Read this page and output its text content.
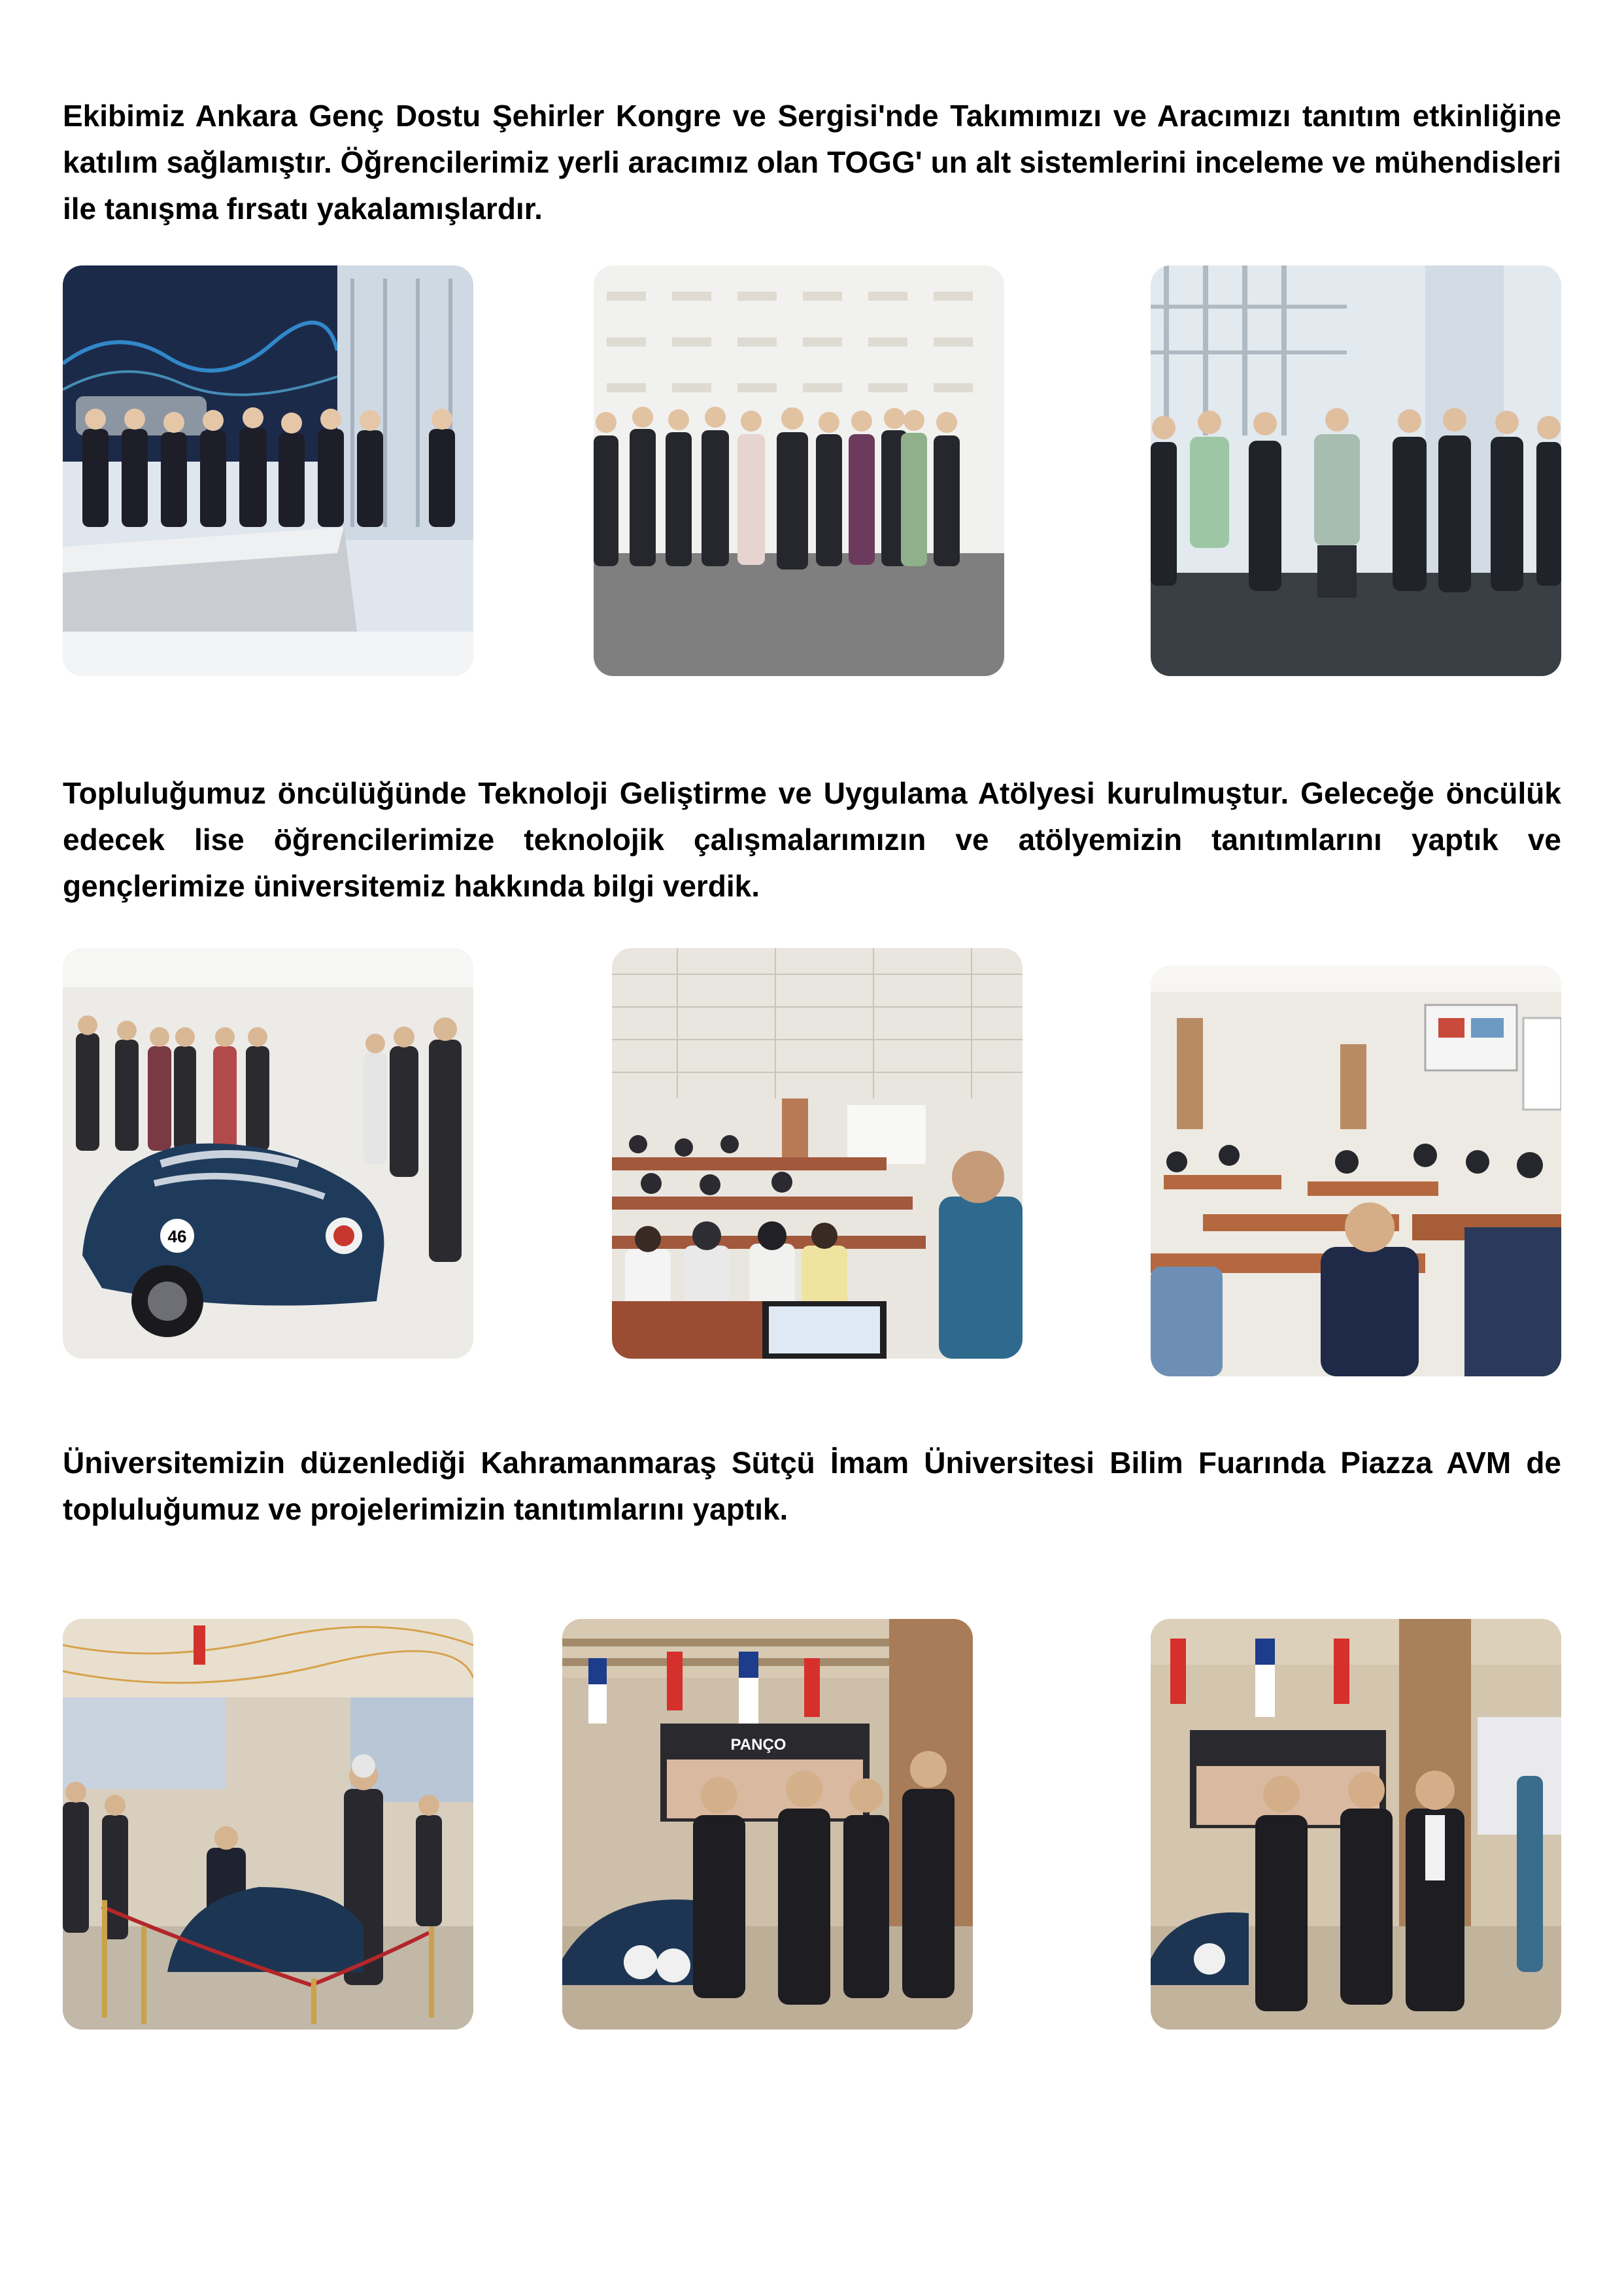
Ekibimiz Ankara Genç Dostu Şehirler Kongre ve Sergisi'nde Takımımızı ve Aracımızı tanıtım etkinliğine katılım sağlamıştır. Öğrencilerimiz yerli aracımız olan TOGG' un alt sistemlerini inceleme ve mühendisleri ile tanışma fırsatı yakalamışlardır.

Topluluğumuz öncülüğünde Teknoloji Geliştirme ve Uygulama Atölyesi kurulmuştur. Geleceğe öncülük edecek lise öğrencilerimize teknolojik çalışmalarımızın ve atölyemizin tanıtımlarını yaptık ve gençlerimize üniversitemiz hakkında bilgi verdik.

46

Üniversitemizin düzenlediği Kahramanmaraş Sütçü İmam Üniversitesi Bilim Fuarında Piazza AVM de topluluğumuz ve projelerimizin tanıtımlarını yaptık.

PANÇO
